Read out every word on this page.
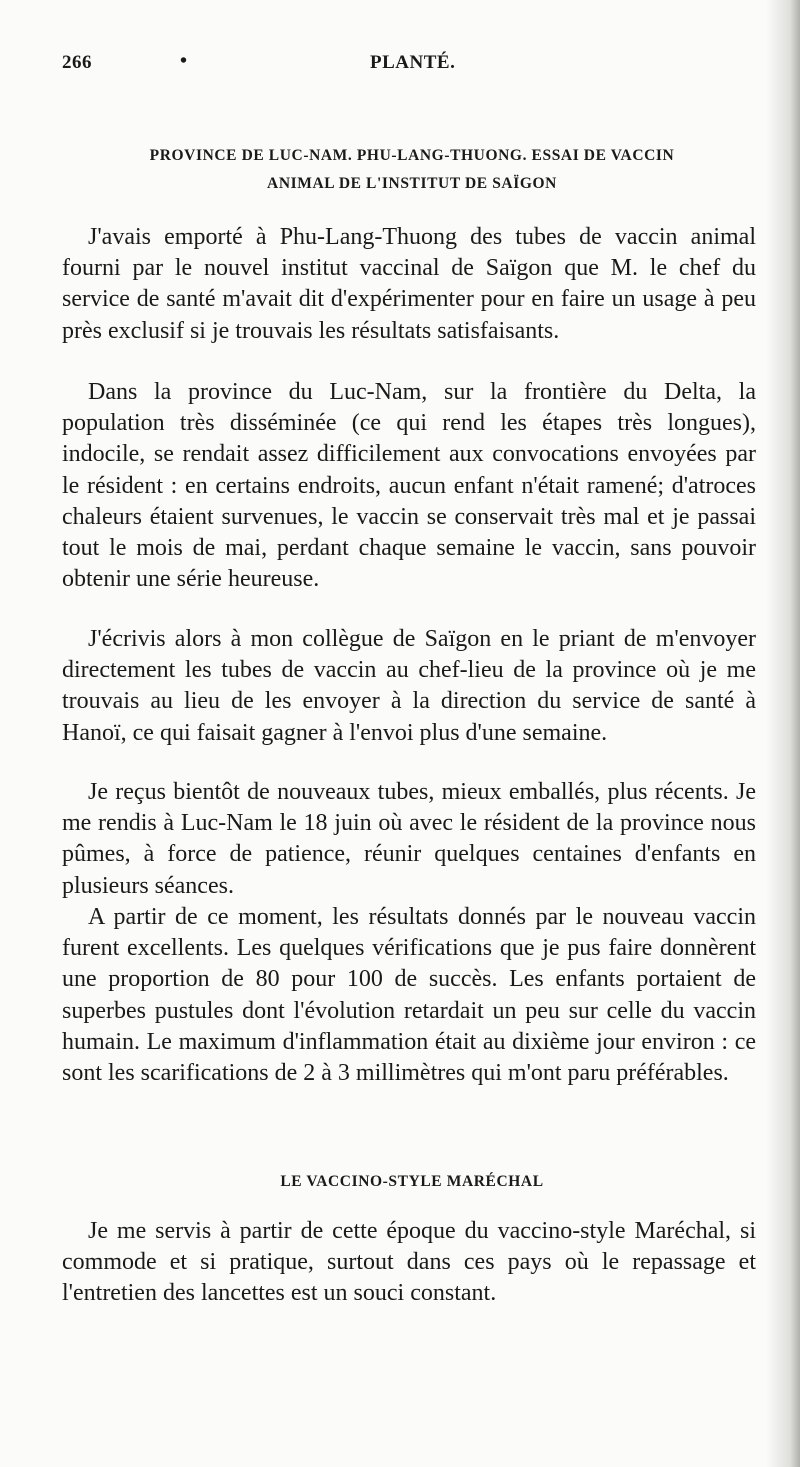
266	•	PLANTÉ.
PROVINCE DE LUC-NAM. PHU-LANG-THUONG. ESSAI DE VACCIN
ANIMAL DE L'INSTITUT DE SAÏGON

J'avais emporté à Phu-Lang-Thuong des tubes de vaccin animal fourni par le nouvel institut vaccinal de Saïgon que M. le chef du service de santé m'avait dit d'expérimenter pour en faire un usage à peu près exclusif si je trouvais les résultats satisfaisants.

Dans la province du Luc-Nam, sur la frontière du Delta, la population très disséminée (ce qui rend les étapes très longues), indocile, se rendait assez difficilement aux convocations envoyées par le résident : en certains endroits, aucun enfant n'était ramené; d'atroces chaleurs étaient survenues, le vaccin se conservait très mal et je passai tout le mois de mai, perdant chaque semaine le vaccin, sans pouvoir obtenir une série heureuse.

J'écrivis alors à mon collègue de Saïgon en le priant de m'envoyer directement les tubes de vaccin au chef-lieu de la province où je me trouvais au lieu de les envoyer à la direction du service de santé à Hanoï, ce qui faisait gagner à l'envoi plus d'une semaine.

Je reçus bientôt de nouveaux tubes, mieux emballés, plus récents. Je me rendis à Luc-Nam le 18 juin où avec le résident de la province nous pûmes, à force de patience, réunir quelques centaines d'enfants en plusieurs séances.

A partir de ce moment, les résultats donnés par le nouveau vaccin furent excellents. Les quelques vérifications que je pus faire donnèrent une proportion de 80 pour 100 de succès. Les enfants portaient de superbes pustules dont l'évolution retardait un peu sur celle du vaccin humain. Le maximum d'inflammation était au dixième jour environ : ce sont les scarifications de 2 à 3 millimètres qui m'ont paru préférables.

LE VACCINO-STYLE MARÉCHAL

Je me servis à partir de cette époque du vaccino-style Maréchal, si commode et si pratique, surtout dans ces pays où le repassage et l'entretien des lancettes est un souci constant.
